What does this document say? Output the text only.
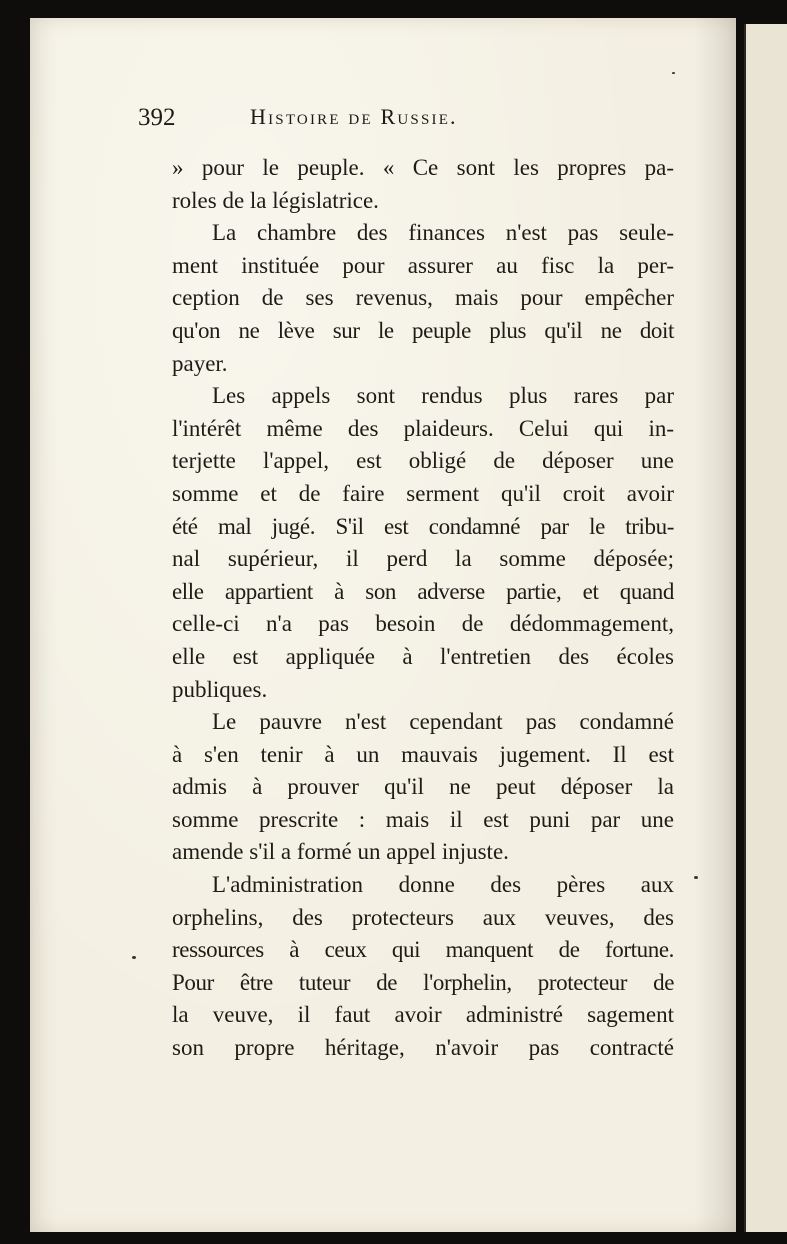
392	Histoire de Russie.
» pour le peuple. « Ce sont les propres pa-
roles de la législatrice.
La chambre des finances n'est pas seule-
ment instituée pour assurer au fisc la per-
ception de ses revenus, mais pour empêcher
qu'on ne lève sur le peuple plus qu'il ne doit
payer.
Les appels sont rendus plus rares par
l'intérêt même des plaideurs. Celui qui in-
terjette l'appel, est obligé de déposer une
somme et de faire serment qu'il croit avoir
été mal jugé. S'il est condamné par le tribu-
nal supérieur, il perd la somme déposée;
elle appartient à son adverse partie, et quand
celle-ci n'a pas besoin de dédommagement,
elle est appliquée à l'entretien des écoles
publiques.
Le pauvre n'est cependant pas condamné
à s'en tenir à un mauvais jugement. Il est
admis à prouver qu'il ne peut déposer la
somme prescrite : mais il est puni par une
amende s'il a formé un appel injuste.
L'administration donne des pères aux
orphelins, des protecteurs aux veuves, des
ressources à ceux qui manquent de fortune.
Pour être tuteur de l'orphelin, protecteur de
la veuve, il faut avoir administré sagement
son propre héritage, n'avoir pas contracté
